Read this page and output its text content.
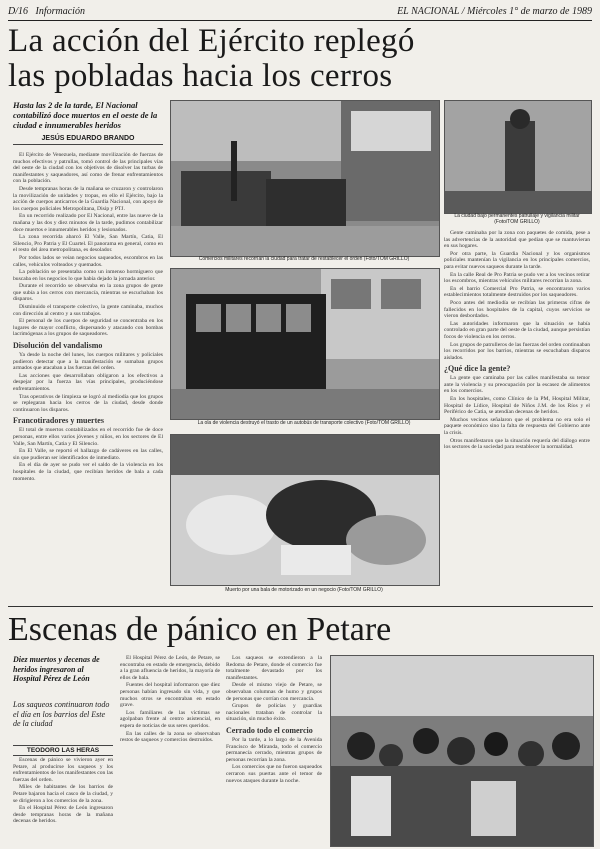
D/16 Información	EL NACIONAL / Miércoles 1° de marzo de 1989
La acción del Ejército replegó
las pobladas hacia los cerros
Hasta las 2 de la tarde, El Nacional contabilizó doce muertos en el oeste de la ciudad e innumerables heridos
JESÚS EDUARDO BRANDO

El Ejército de Venezuela, mediante movilización de fuerzas de muchos efectivos y patrullas, tomó control de las principales vías del oeste de la ciudad con los objetivos de disolver las turbas de manifestantes y saqueadores, así como de frenar enfrentamientos con la población.

Desde tempranas horas de la mañana se cruzaron y controlaron la movilización de unidades y tropas, en ello el Ejército, bajo la acción de cuerpos anticarros de la Guardia Nacional, con apoyo de los cuerpos policiales Metropolitana, Disip y PTJ.

En un recorrido realizado por El Nacional, entre las nueve de la mañana y las dos y diez minutos de la tarde, pudimos contabilizar doce muertos e innumerables heridos y lesionados.

La zona recorrida abarcó El Valle, San Martín, Catia, El Silencio, Pro Patria y El Cuartel. El panorama en general, como en el resto del área metropolitana, es desolador.

Por todos lados se veían negocios saqueados, escombros en las calles, vehículos volteados y quemados.

La población se presentaba como un inmenso hormiguero que buscaba en los negocios lo que había dejado la jornada anterior.

Durante el recorrido se observaba en la zona grupos de gente que subía a los cerros con mercancía, mientras se escuchaban los disparos.

Disminuido el transporte colectivo, la gente caminaba, muchos con dirección al centro y a sus trabajos.

El personal de los cuerpos de seguridad se concentraba en los lugares de mayor conflicto, dispersando y atacando con bombas lacrimógenas a los grupos de saqueadores.

Disolución del vandalismo

Ya desde la noche del lunes, los cuerpos militares y policiales pudieron detectar que a la manifestación se sumaban grupos armados que atacaban a las fuerzas del orden.

Las acciones que desarrollaban obligaron a los efectivos a despejar por la fuerza las vías principales, produciéndose enfrentamientos.

Tras operativos de limpieza se logró al mediodía que los grupos se replegaran hacia los cerros de la ciudad, desde donde continuaron los disparos.

Francotiradores y muertes

El total de muertos contabilizados en el recorrido fue de doce personas, entre ellos varios jóvenes y niños, en los sectores de El Valle, San Martín, Catia y El Silencio.

En El Valle, se reportó el hallazgo de cadáveres en las calles, sin que pudieran ser identificados de inmediato.

En el día de ayer se pudo ver el saldo de la violencia en los hospitales de la ciudad, que recibían heridos de bala a cada momento.

Comercios militares recorrían la ciudad para tratar de restablecer el orden (Foto/TOM GRILLO)
La ciudad bajo permanentes patrullaje y vigilancia militar (Foto/TOM GRILLO)
La ola de violencia destruyó el trasto de un autobús de transporte colectivo (Foto/TOM GRILLO)

Gente caminaba por la zona con paquetes de comida, pese a las advertencias de la autoridad que pedían que se mantuvieran en sus hogares.

Por otra parte, la Guardia Nacional y los organismos policiales mantenían la vigilancia en los principales comercios, para evitar nuevos saqueos durante la tarde.

En la calle Real de Pro Patria se pudo ver a los vecinos retirar los escombros, mientras vehículos militares recorrían la zona.

En el barrio Comercial Pro Patria, se encontraron varios establecimientos totalmente destruidos por los saqueadores.

Poco antes del mediodía se recibían las primeras cifras de fallecidos en los hospitales de la capital, cuyos servicios se vieron desbordados.

Las autoridades informaron que la situación se había controlado en gran parte del oeste de la ciudad, aunque persistían focos de violencia en los cerros.

Los grupos de patrulleros de las fuerzas del orden continuaban los recorridos por los barrios, mientras se escuchaban disparos aislados.

¿Qué dice la gente?

La gente que caminaba por las calles manifestaba su temor ante la violencia y su preocupación por la escasez de alimentos en los comercios.

En los hospitales, como Clínico de la PM, Hospital Militar, Hospital de Lídice, Hospital de Niños J.M. de los Ríos y el Periférico de Catia, se atendían decenas de heridos.

Muchos vecinos señalaron que el problema no era solo el paquete económico sino la falta de respuesta del Gobierno ante la crisis.

Otros manifestaron que la situación requería del diálogo entre los sectores de la sociedad para restablecer la normalidad.

Muerto por una bala de motorizado en un negocio (Foto/TOM GRILLO)
Escenas de pánico en Petare
Diez muertos y decenas de heridos ingresaron al Hospital Pérez de León
Los saqueos continuaron todo el día en los barrios del Este de la ciudad
TEODORO LAS HERAS

Escenas de pánico se vivieron ayer en Petare, al producirse los saqueos y los enfrentamientos de los manifestantes con las fuerzas del orden.

Miles de habitantes de los barrios de Petare bajaron hacia el casco de la ciudad, y se dirigieron a los comercios de la zona.

En el Hospital Pérez de León ingresaron desde tempranas horas de la mañana decenas de heridos.

El Hospital Pérez de León, de Petare, se encontraba en estado de emergencia, debido a la gran afluencia de heridos, la mayoría de ellos de bala.

Fuentes del hospital informaron que diez personas habían ingresado sin vida, y que muchos otros se encontraban en estado grave.

Los familiares de las víctimas se agolpaban frente al centro asistencial, en espera de noticias de sus seres queridos.

En las calles de la zona se observaban restos de saqueos y comercios destruidos.

Los saqueos se extendieron a la Redoma de Petare, donde el comercio fue totalmente devastado por los manifestantes.

Desde el mismo viejo de Petare, se observaban columnas de humo y grupos de personas que corrían con mercancía.

Grupos de policías y guardias nacionales trataban de controlar la situación, sin mucho éxito.

Cerrado todo el comercio

Por la tarde, a lo largo de la Avenida Francisco de Miranda, todo el comercio permanecía cerrado, mientras grupos de personas recorrían la zona.

Los comercios que no fueron saqueados cerraron sus puertas ante el temor de nuevos ataques durante la noche.
